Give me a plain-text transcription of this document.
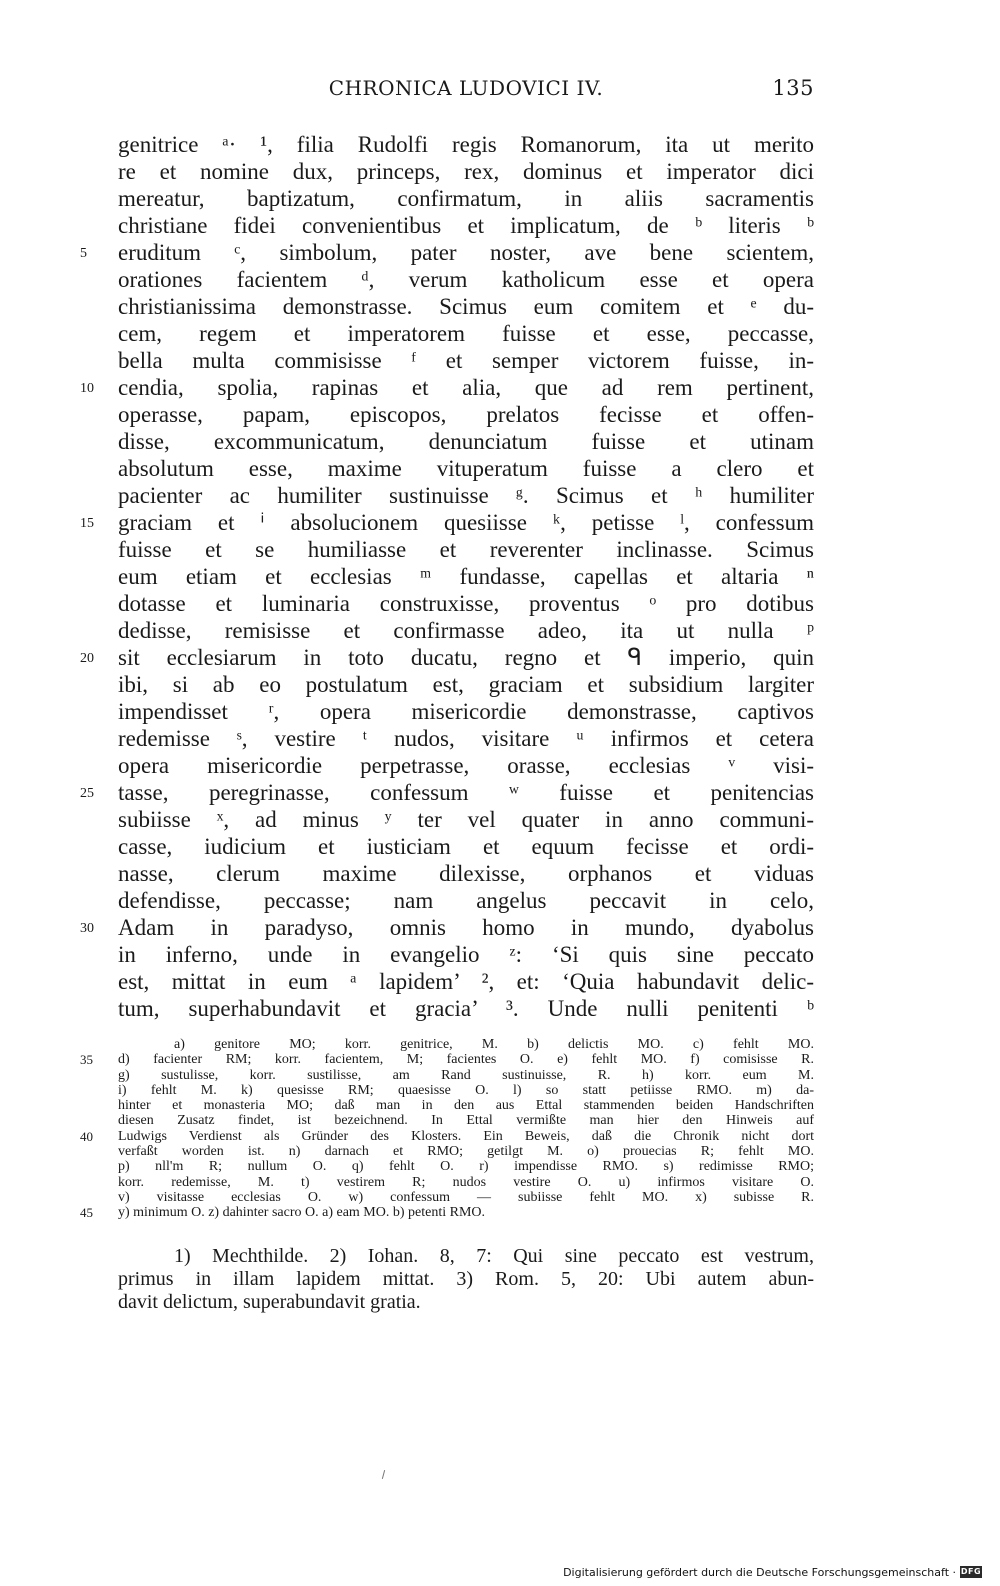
CHRONICA LUDOVICI IV.	135
genitrice ᵃ· ¹, filia Rudolfi regis Romanorum, ita ut merito
re et nomine dux, princeps, rex, dominus et imperator dici
mereatur, baptizatum, confirmatum, in aliis sacramentis
christiane fidei convenientibus et implicatum, de ᵇ literis ᵇ
5	eruditum ᶜ, simbolum, pater noster, ave bene scientem,
orationes facientem ᵈ, verum katholicum esse et opera
christianissima demonstrasse. Scimus eum comitem et ᵉ du-
cem, regem et imperatorem fuisse et esse, peccasse,
bella multa commisisse ᶠ et semper victorem fuisse, in-
10	cendia, spolia, rapinas et alia, que ad rem pertinent,
operasse, papam, episcopos, prelatos fecisse et offen-
disse, excommunicatum, denunciatum fuisse et utinam
absolutum esse, maxime vituperatum fuisse a clero et
pacienter ac humiliter sustinuisse ᵍ. Scimus et ʰ humiliter
15	graciam et ⁱ absolucionem quesiisse ᵏ, petisse ˡ, confessum
fuisse et se humiliasse et reverenter inclinasse. Scimus
eum etiam et ecclesias ᵐ fundasse, capellas et altaria ⁿ
dotasse et luminaria construxisse, proventus ᵒ pro dotibus
dedisse, remisisse et confirmasse adeo, ita ut nulla ᵖ
20	sit ecclesiarum in toto ducatu, regno et ᑫ imperio, quin
ibi, si ab eo postulatum est, graciam et subsidium largiter
impendisset ʳ, opera misericordie demonstrasse, captivos
redemisse ˢ, vestire ᵗ nudos, visitare ᵘ infirmos et cetera
opera misericordie perpetrasse, orasse, ecclesias ᵛ visi-
25	tasse, peregrinasse, confessum ʷ fuisse et penitencias
subiisse ˣ, ad minus ʸ ter vel quater in anno communi-
casse, iudicium et iusticiam et equum fecisse et ordi-
nasse, clerum maxime dilexisse, orphanos et viduas
defendisse, peccasse; nam angelus peccavit in celo,
30	Adam in paradyso, omnis homo in mundo, dyabolus
in inferno, unde in evangelio ᶻ: ‘Si quis sine peccato
est, mittat in eum ᵃ lapidem’ ², et: ‘Quia habundavit delic-
tum, superhabundavit et gracia’ ³. Unde nulli penitenti ᵇ
a) genitore MO; korr. genitrice, M. b) delictis MO. c) fehlt MO.
35	d) facienter RM; korr. facientem, M; facientes O. e) fehlt MO. f) comisisse R.
g) sustulisse, korr. sustilisse, am Rand sustinuisse, R. h) korr. eum M.
i) fehlt M. k) quesisse RM; quaesisse O. l) so statt petiisse RMO. m) da-
hinter et monasteria MO; daß man in den aus Ettal stammenden beiden Handschriften
diesen Zusatz findet, ist bezeichnend. In Ettal vermißte man hier den Hinweis auf
40	Ludwigs Verdienst als Gründer des Klosters. Ein Beweis, daß die Chronik nicht dort
verfaßt worden ist. n) darnach et RMO; getilgt M. o) prouecias R; fehlt MO.
p) nll'm R; nullum O. q) fehlt O. r) impendisse RMO. s) redimisse RMO;
korr. redemisse, M. t) vestirem R; nudos vestire O. u) infirmos visitare O.
v) visitasse ecclesias O. w) confessum — subiisse fehlt MO. x) subisse R.
45	y) minimum O. z) dahinter sacro O. a) eam MO. b) petenti RMO.
1) Mechthilde. 2) Iohan. 8, 7: Qui sine peccato est vestrum,
primus in illam lapidem mittat. 3) Rom. 5, 20: Ubi autem abun-
davit delictum, superabundavit gratia.
Digitalisierung gefördert durch die Deutsche Forschungsgemeinschaft · DFG
